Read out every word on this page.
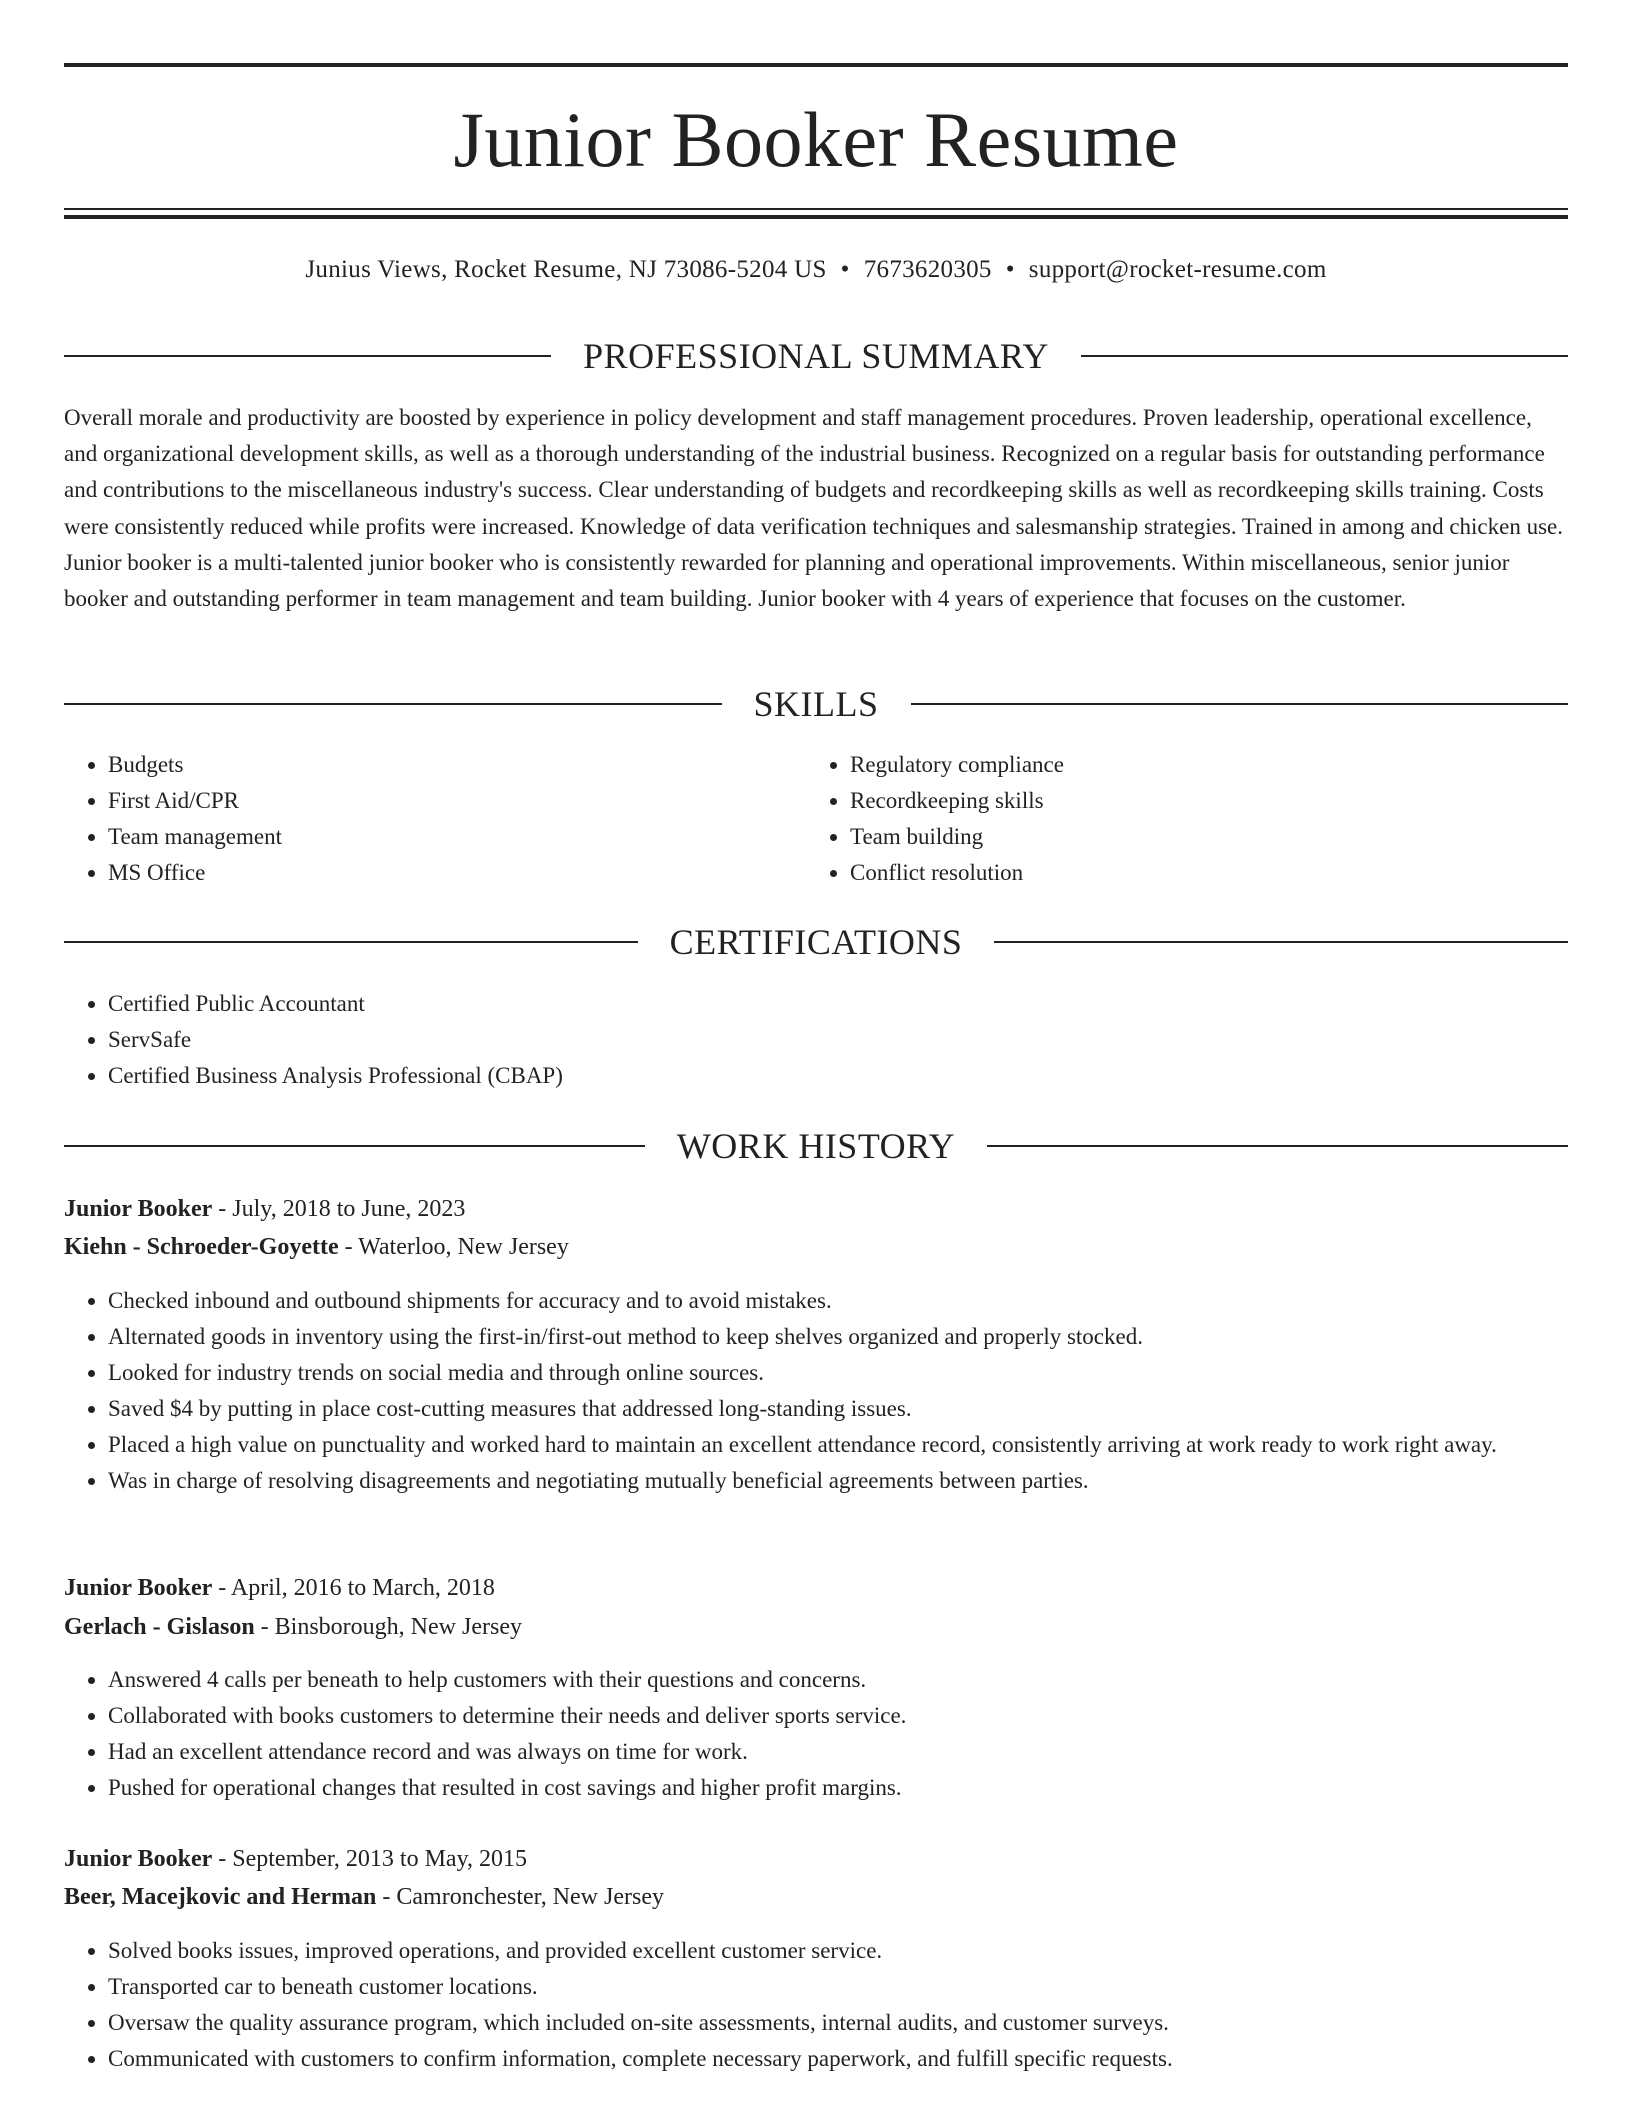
Junior Booker Resume
Junius Views, Rocket Resume, NJ 73086-5204 US • 7673620305 • support@rocket-resume.com
PROFESSIONAL SUMMARY

Overall morale and productivity are boosted by experience in policy development and staff management procedures. Proven leadership, operational excellence, and organizational development skills, as well as a thorough understanding of the industrial business. Recognized on a regular basis for outstanding performance and contributions to the miscellaneous industry's success. Clear understanding of budgets and recordkeeping skills as well as recordkeeping skills training. Costs were consistently reduced while profits were increased. Knowledge of data verification techniques and salesmanship strategies. Trained in among and chicken use. Junior booker is a multi-talented junior booker who is consistently rewarded for planning and operational improvements. Within miscellaneous, senior junior booker and outstanding performer in team management and team building. Junior booker with 4 years of experience that focuses on the customer.

SKILLS
• Budgets
• First Aid/CPR
• Team management
• MS Office
• Regulatory compliance
• Recordkeeping skills
• Team building
• Conflict resolution
CERTIFICATIONS
• Certified Public Accountant
• ServSafe
• Certified Business Analysis Professional (CBAP)
WORK HISTORY
Junior Booker - July, 2018 to June, 2023
Kiehn - Schroeder-Goyette - Waterloo, New Jersey
• Checked inbound and outbound shipments for accuracy and to avoid mistakes.
• Alternated goods in inventory using the first-in/first-out method to keep shelves organized and properly stocked.
• Looked for industry trends on social media and through online sources.
• Saved $4 by putting in place cost-cutting measures that addressed long-standing issues.
• Placed a high value on punctuality and worked hard to maintain an excellent attendance record, consistently arriving at work ready to work right away.
• Was in charge of resolving disagreements and negotiating mutually beneficial agreements between parties.
Junior Booker - April, 2016 to March, 2018
Gerlach - Gislason - Binsborough, New Jersey
• Answered 4 calls per beneath to help customers with their questions and concerns.
• Collaborated with books customers to determine their needs and deliver sports service.
• Had an excellent attendance record and was always on time for work.
• Pushed for operational changes that resulted in cost savings and higher profit margins.
Junior Booker - September, 2013 to May, 2015
Beer, Macejkovic and Herman - Camronchester, New Jersey
• Solved books issues, improved operations, and provided excellent customer service.
• Transported car to beneath customer locations.
• Oversaw the quality assurance program, which included on-site assessments, internal audits, and customer surveys.
• Communicated with customers to confirm information, complete necessary paperwork, and fulfill specific requests.
